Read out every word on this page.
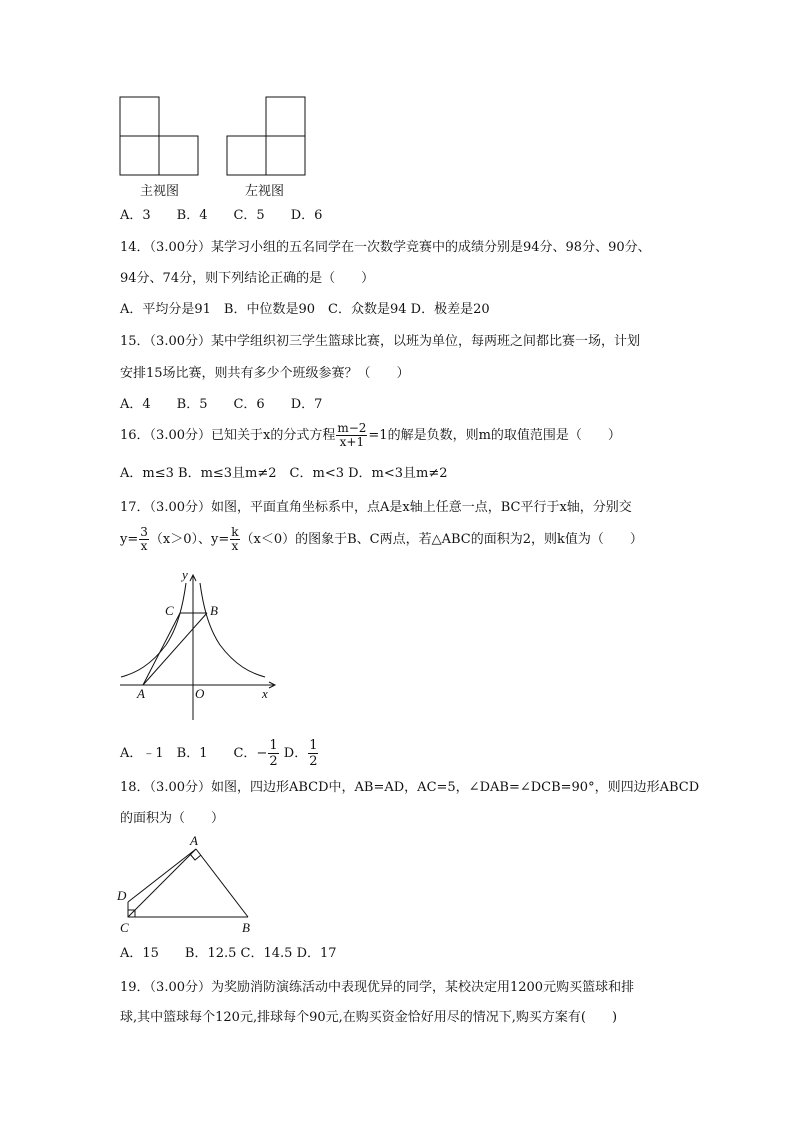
主视图	左视图
A．3　　B．4　　C．5　　D．6
14．（3.00分）某学习小组的五名同学在一次数学竞赛中的成绩分别是94分、98分、90分、
94分、74分，则下列结论正确的是（　　）
A．平均分是91　B．中位数是90　C．众数是94 D．极差是20
15．（3.00分）某中学组织初三学生篮球比赛，以班为单位，每两班之间都比赛一场，计划
安排15场比赛，则共有多少个班级参赛？（　　）
A．4　　B．5　　C．6　　D．7
16．（3.00分）已知关于x的分式方程 $\frac{m-2}{x+1} =1$的解是负数，则m的取值范围是（　　）
A．m≤3 B．m≤3且m≠2　C．m<3 D．m<3且m≠2
17．（3.00分）如图，平面直角坐标系中，点A是x轴上任意一点，BC平行于x轴，分别交
$y= \frac{3}{x} (x>0)$、$y= \frac{k}{x} (x<0)$的图象于B、C两点，若△ABC的面积为2，则k值为（　　）
y
C	B
A	O	x
A．﹣1　B．1　　C．− $\frac{1}{2}$ D． $\frac{1}{2}$
18．（3.00分）如图，四边形ABCD中，AB=AD，AC=5，∠DAB=∠DCB=90°，则四边形ABCD
的面积为（　　）
A
D
C	B
A．15　　B．12.5 C．14.5 D．17
19．（3.00分）为奖励消防演练活动中表现优异的同学，某校决定用1200元购买篮球和排
球,其中篮球每个120元,排球每个90元,在购买资金恰好用尽的情况下,购买方案有(　　)
